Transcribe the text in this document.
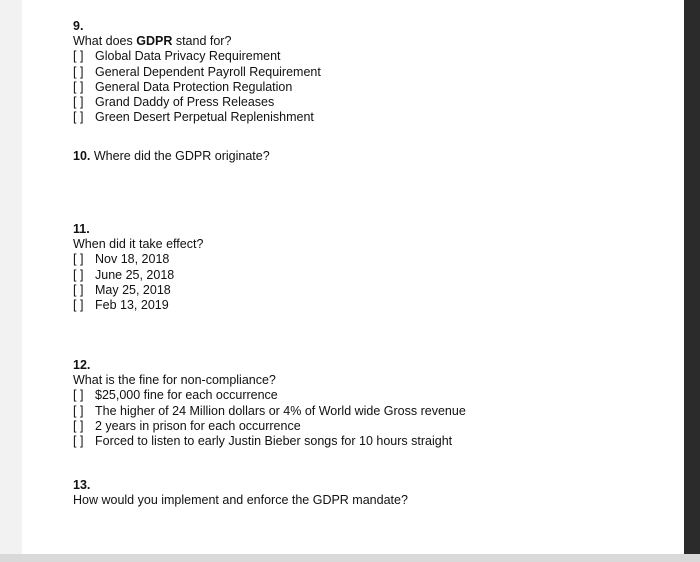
9.
What does GDPR stand for?
[ ] Global Data Privacy Requirement
[ ] General Dependent Payroll Requirement
[ ] General Data Protection Regulation
[ ] Grand Daddy of Press Releases
[ ] Green Desert Perpetual Replenishment
10. Where did the GDPR originate?
11.
When did it take effect?
[ ] Nov 18, 2018
[ ] June 25, 2018
[ ] May 25, 2018
[ ] Feb 13, 2019
12.
What is the fine for non-compliance?
[ ] $25,000 fine for each occurrence
[ ] The higher of 24 Million dollars or 4% of World wide Gross revenue
[ ] 2 years in prison for each occurrence
[ ] Forced to listen to early Justin Bieber songs for 10 hours straight
13.
How would you implement and enforce the GDPR mandate?
